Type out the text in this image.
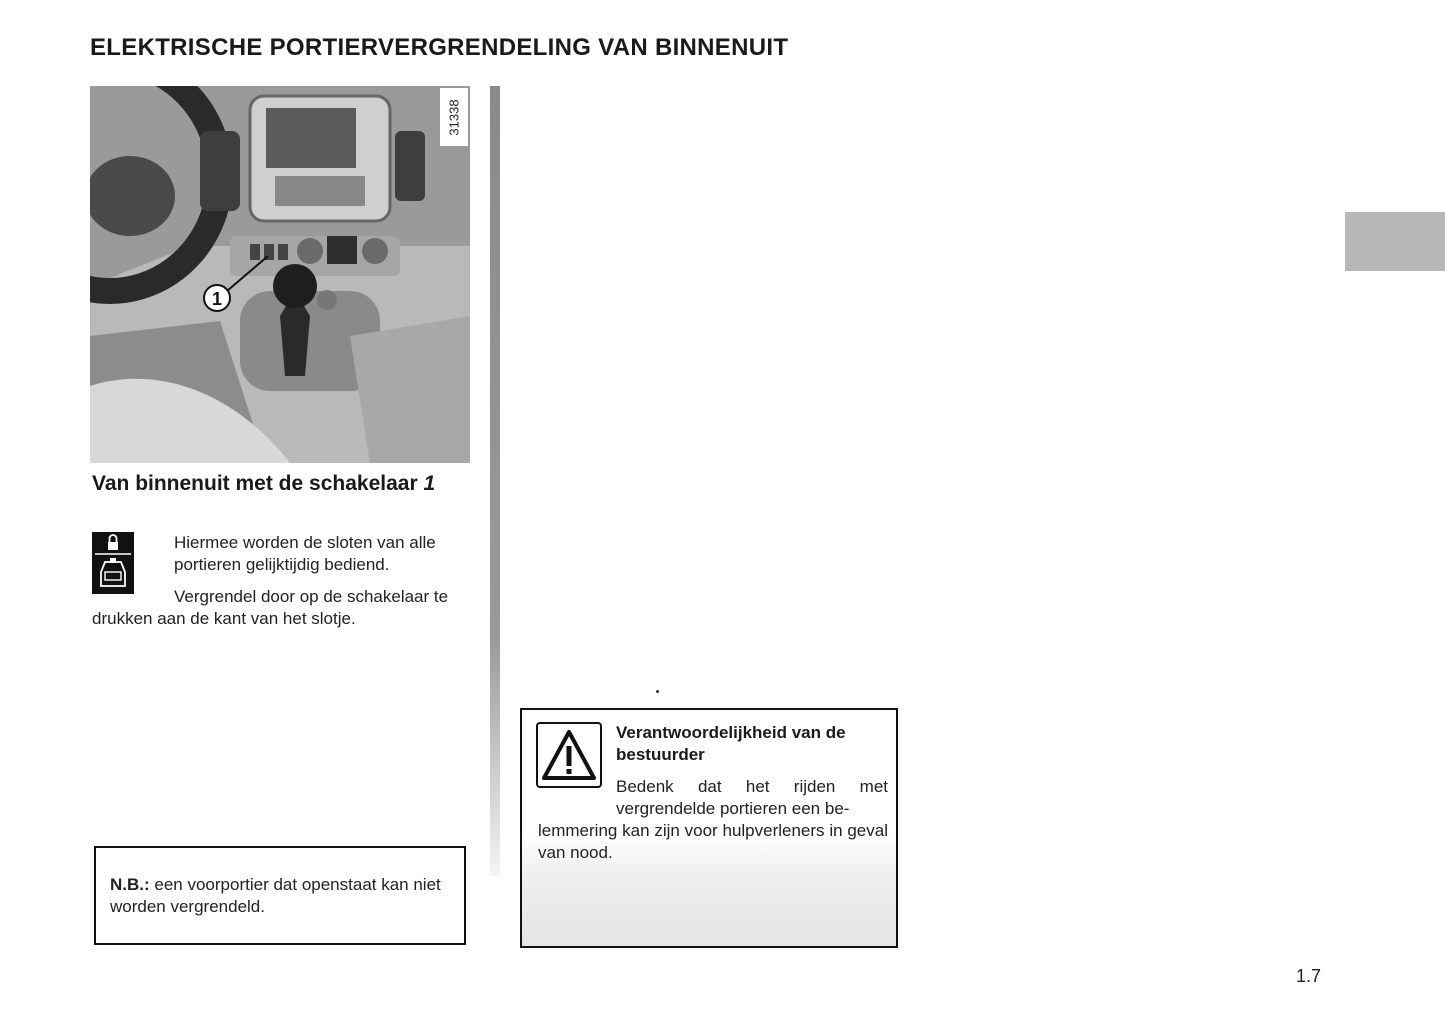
ELEKTRISCHE PORTIERVERGRENDELING VAN BINNENUIT
1
31338
Van binnenuit met de schakelaar 1
Hiermee worden de sloten van alle portieren gelijktijdig bediend.
Vergrendel door op de schakelaar te drukken aan de kant van het slotje.
N.B.: een voorportier dat openstaat kan niet worden vergrendeld.
Verantwoordelijkheid van de bestuurder
Bedenk dat het rijden met vergrendelde portieren een be-
lemmering kan zijn voor hulpverleners in geval van nood.
1.7
